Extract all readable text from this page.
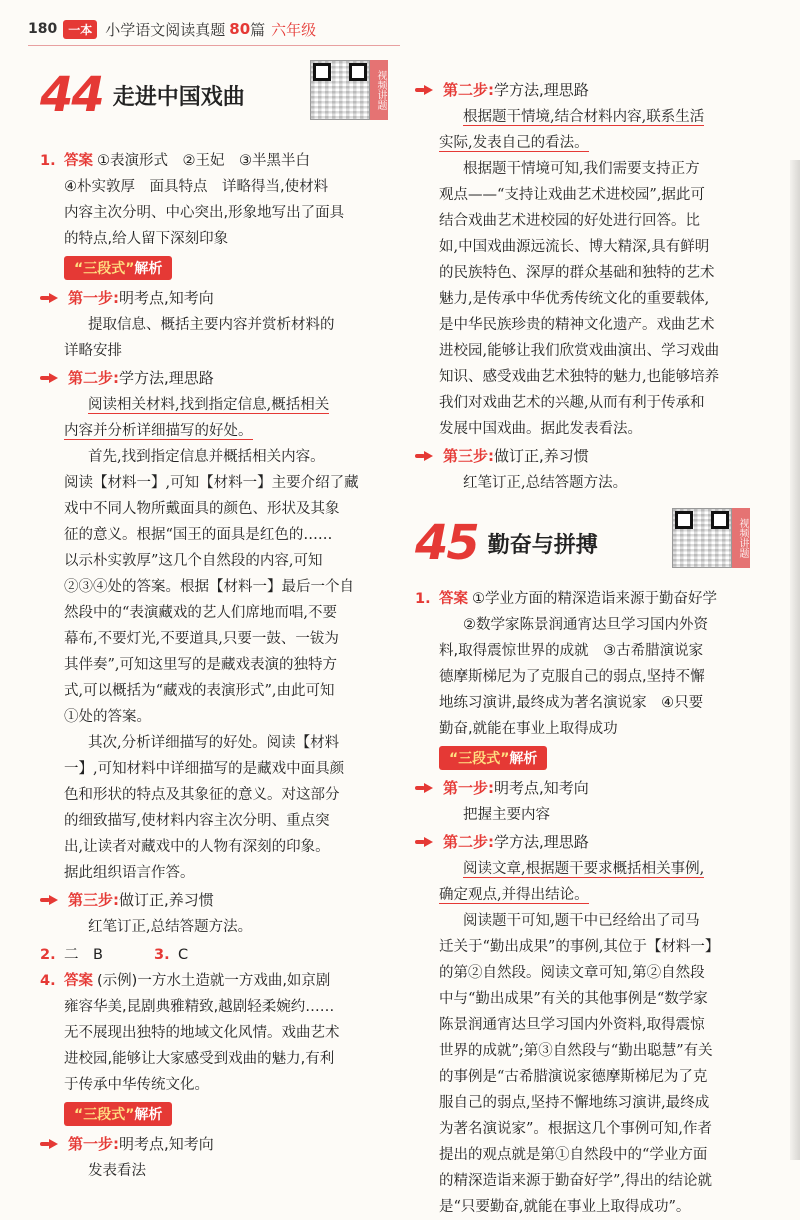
180 一本 小学语文阅读真题 80 篇 六年级
44 走进中国戏曲	视频讲题
1. 答案 ①表演形式　②王妃　③半黑半白
④朴实敦厚　面具特点　详略得当,使材料
内容主次分明、中心突出,形象地写出了面具
的特点,给人留下深刻印象
“三段式”解析
第一步: 明考点,知考向

提取信息、概括主要内容并赏析材料的

详略安排

第二步: 学方法,理思路
阅读相关材料,找到指定信息,概括相关
内容并分析详细描写的好处。

首先,找到指定信息并概括相关内容。

阅读【材料一】,可知【材料一】主要介绍了藏

戏中不同人物所戴面具的颜色、形状及其象

征的意义。根据“国王的面具是红色的……

以示朴实敦厚”这几个自然段的内容,可知

②③④处的答案。根据【材料一】最后一个自

然段中的“表演藏戏的艺人们席地而唱,不要

幕布,不要灯光,不要道具,只要一鼓、一钹为

其伴奏”,可知这里写的是藏戏表演的独特方

式,可以概括为“藏戏的表演形式”,由此可知

①处的答案。

其次,分析详细描写的好处。阅读【材料

一】,可知材料中详细描写的是藏戏中面具颜

色和形状的特点及其象征的意义。对这部分

的细致描写,使材料内容主次分明、重点突

出,让读者对藏戏中的人物有深刻的印象。

据此组织语言作答。

第三步: 做订正,养习惯

红笔订正,总结答题方法。

2. 二　B	3. C
4. 答案 (示例)一方水土造就一方戏曲,如京剧
雍容华美,昆剧典雅精致,越剧轻柔婉约……
无不展现出独特的地域文化风情。戏曲艺术
进校园,能够让大家感受到戏曲的魅力,有利
于传承中华传统文化。
“三段式”解析
第一步: 明考点,知考向

发表看法

第二步: 学方法,理思路
根据题干情境,结合材料内容,联系生活
实际,发表自己的看法。

根据题干情境可知,我们需要支持正方

观点——“支持让戏曲艺术进校园”,据此可

结合戏曲艺术进校园的好处进行回答。比

如,中国戏曲源远流长、博大精深,具有鲜明

的民族特色、深厚的群众基础和独特的艺术

魅力,是传承中华优秀传统文化的重要载体,

是中华民族珍贵的精神文化遗产。戏曲艺术

进校园,能够让我们欣赏戏曲演出、学习戏曲

知识、感受戏曲艺术独特的魅力,也能够培养

我们对戏曲艺术的兴趣,从而有利于传承和

发展中国戏曲。据此发表看法。

第三步: 做订正,养习惯

红笔订正,总结答题方法。

45 勤奋与拼搏	视频讲题
1. 答案 ①学业方面的精深造诣来源于勤奋好学
②数学家陈景润通宵达旦学习国内外资
料,取得震惊世界的成就　③古希腊演说家
德摩斯梯尼为了克服自己的弱点,坚持不懈
地练习演讲,最终成为著名演说家　④只要
勤奋,就能在事业上取得成功
“三段式”解析
第一步: 明考点,知考向

把握主要内容

第二步: 学方法,理思路
阅读文章,根据题干要求概括相关事例,
确定观点,并得出结论。

阅读题干可知,题干中已经给出了司马

迁关于“勤出成果”的事例,其位于【材料一】

的第②自然段。阅读文章可知,第②自然段

中与“勤出成果”有关的其他事例是“数学家

陈景润通宵达旦学习国内外资料,取得震惊

世界的成就”;第③自然段与“勤出聪慧”有关

的事例是“古希腊演说家德摩斯梯尼为了克

服自己的弱点,坚持不懈地练习演讲,最终成

为著名演说家”。根据这几个事例可知,作者

提出的观点就是第①自然段中的“学业方面

的精深造诣来源于勤奋好学”,得出的结论就

是“只要勤奋,就能在事业上取得成功”。
